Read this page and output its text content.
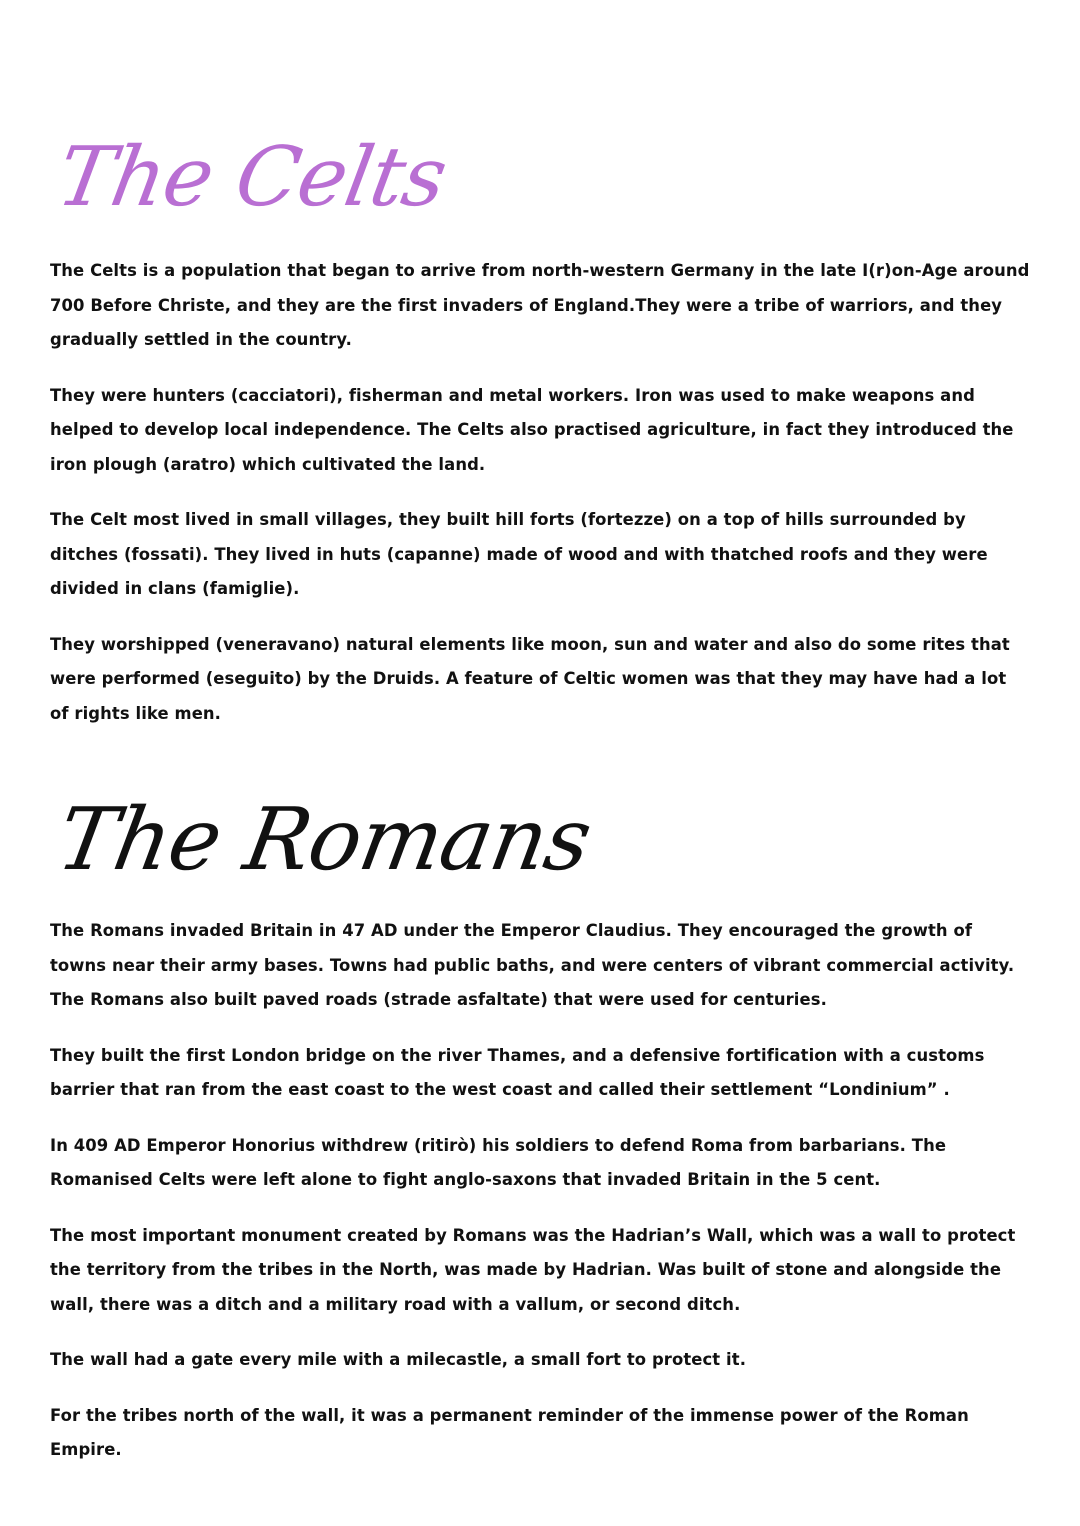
The Celts

The Celts is a population that began to arrive from north-western Germany in the late I(r)on-Age around 700 Before Christe, and they are the first invaders of England.They were a tribe of warriors, and they gradually settled in the country.

They were hunters (cacciatori), fisherman and metal workers. Iron was used to make weapons and helped to develop local independence. The Celts also practised agriculture, in fact they introduced the iron plough (aratro) which cultivated the land.

The Celt most lived in small villages, they built hill forts (fortezze) on a top of hills surrounded by ditches (fossati). They lived in huts (capanne) made of wood and with thatched roofs and they were divided in clans (famiglie).

They worshipped (veneravano) natural elements like moon, sun and water and also do some rites that were performed (eseguito) by the Druids. A feature of Celtic women was that they may have had a lot of rights like men.

The Romans

The Romans invaded Britain in 47 AD under the Emperor Claudius. They encouraged the growth of towns near their army bases. Towns had public baths, and were centers of vibrant commercial activity. The Romans also built paved roads (strade asfaltate) that were used for centuries.

They built the first London bridge on the river Thames, and a defensive fortification with a customs barrier that ran from the east coast to the west coast and called their settlement “Londinium” .

In 409 AD Emperor Honorius withdrew (ritirò) his soldiers to defend Roma from barbarians. The Romanised Celts were left alone to fight anglo-saxons that invaded Britain in the 5 cent.

The most important monument created by Romans was the Hadrian’s Wall, which was a wall to protect the territory from the tribes in the North, was made by Hadrian. Was built of stone and alongside the wall, there was a ditch and a military road with a vallum, or second ditch.

The wall had a gate every mile with a milecastle, a small fort to protect it.

For the tribes north of the wall, it was a permanent reminder of the immense power of the Roman Empire.
